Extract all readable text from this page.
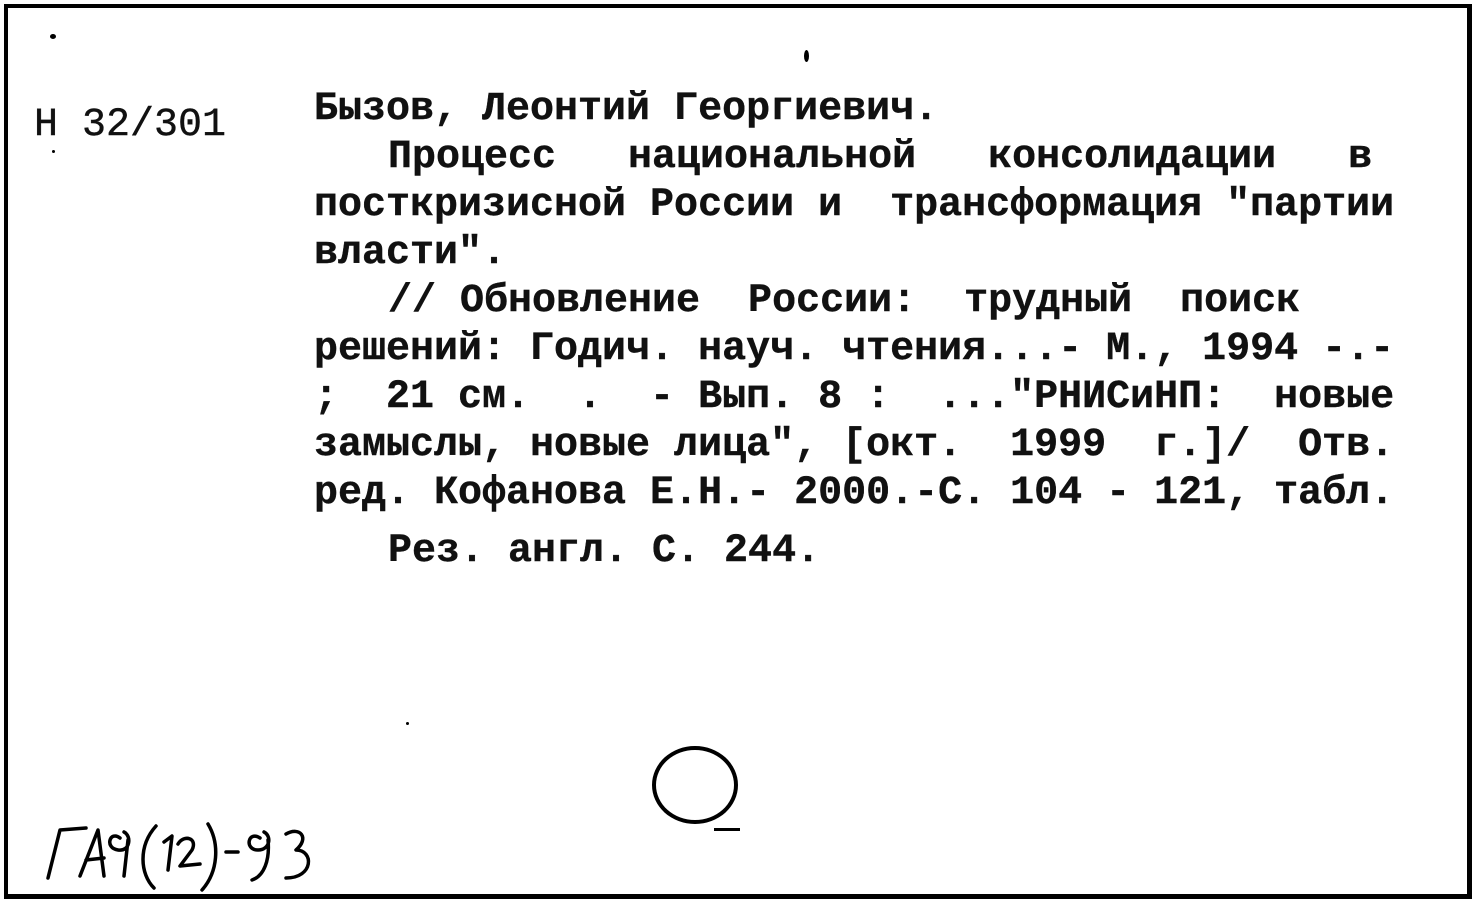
Н 32/301 Бызов, Леонтий Георгиевич.
Процесс   национальной   консолидации   в
посткризисной России и  трансформация "партии
власти".
// Обновление  России:  трудный  поиск
решений: Годич. науч. чтения...- М., 1994 -.-
;  21 см.  .  - Вып. 8 :  ..."РНИСиНП:  новые
замыслы, новые лица", [окт.  1999  г.]/  Отв.
ред. Кофанова Е.Н.- 2000.-С. 104 - 121, табл.
Рез. англ. С. 244.
